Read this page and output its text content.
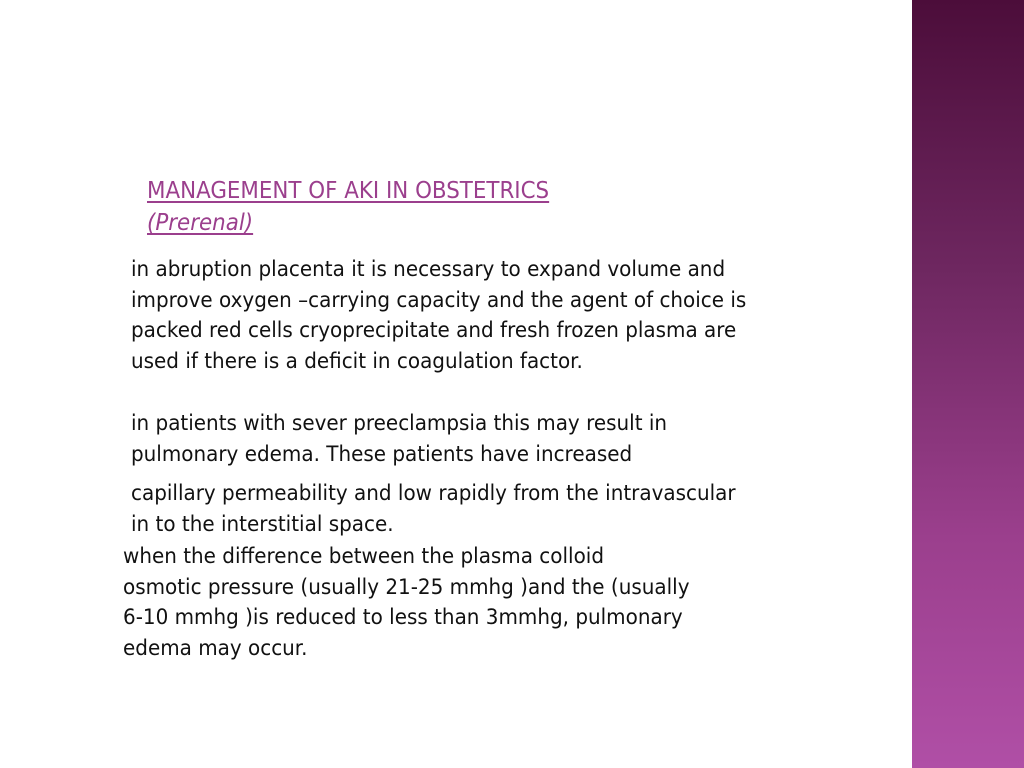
MANAGEMENT OF AKI IN OBSTETRICS
(Prerenal)

in abruption placenta it is necessary to expand volume and
improve oxygen –carrying capacity and the agent of choice is
packed red cells cryoprecipitate and fresh frozen plasma are
used if there is a deficit in coagulation factor.

in patients with sever preeclampsia this may result in
pulmonary edema. These patients have increased

capillary permeability and low rapidly from the intravascular
in to the interstitial space.

when the difference between the plasma colloid
osmotic pressure (usually 21-25 mmhg )and the (usually
6-10 mmhg )is reduced to less than 3mmhg, pulmonary
edema may occur.
